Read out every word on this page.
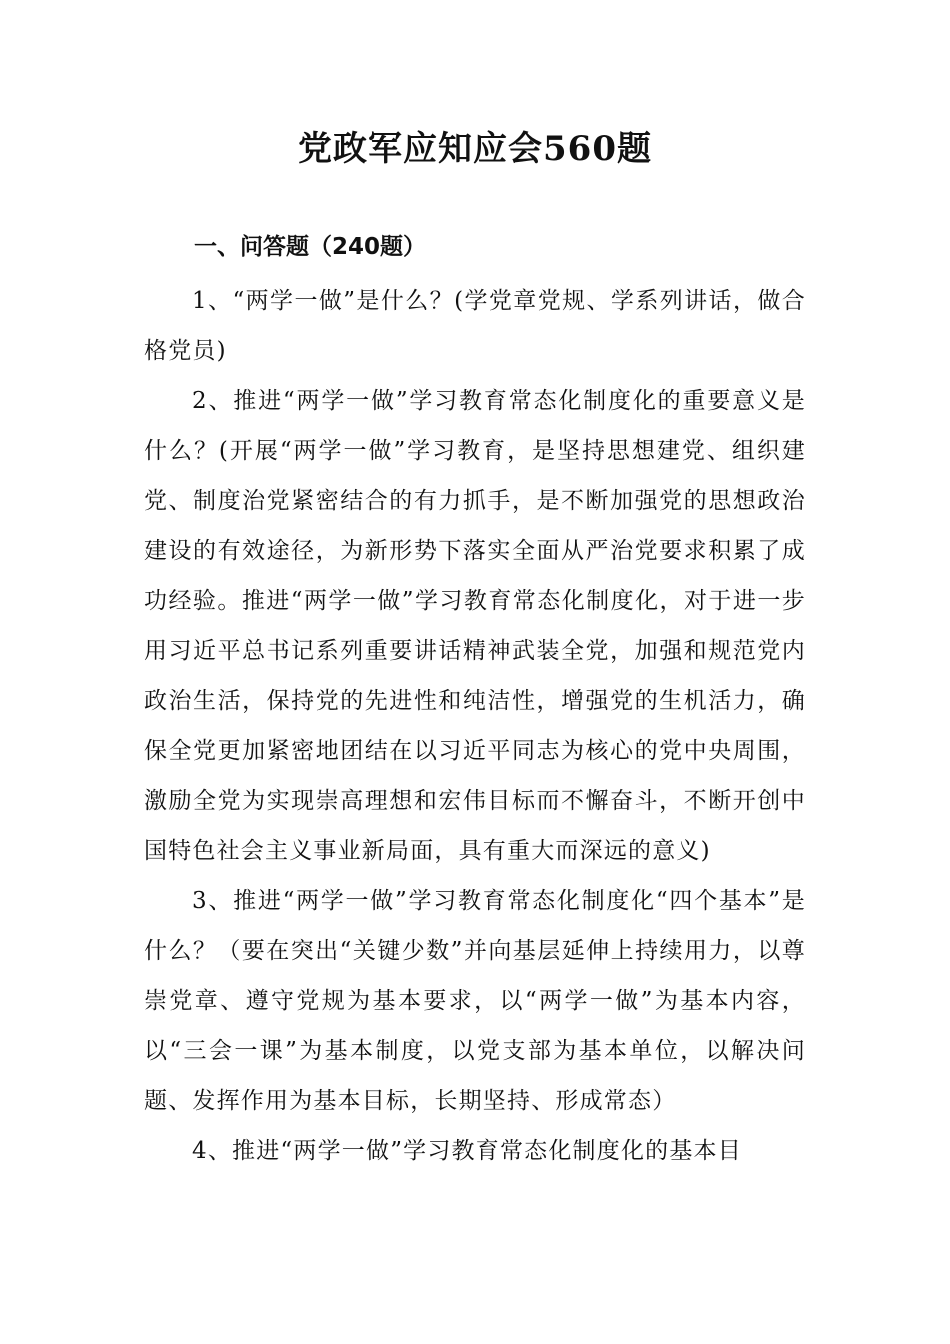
党政军应知应会560题
一、问答题（240题）

1、“两学一做”是什么？(学党章党规、学系列讲话，做合格党员)

2、推进“两学一做”学习教育常态化制度化的重要意义是什么？(开展“两学一做”学习教育，是坚持思想建党、组织建党、制度治党紧密结合的有力抓手，是不断加强党的思想政治建设的有效途径，为新形势下落实全面从严治党要求积累了成功经验。推进“两学一做”学习教育常态化制度化，对于进一步用习近平总书记系列重要讲话精神武装全党，加强和规范党内政治生活，保持党的先进性和纯洁性，增强党的生机活力，确保全党更加紧密地团结在以习近平同志为核心的党中央周围，激励全党为实现崇高理想和宏伟目标而不懈奋斗，不断开创中国特色社会主义事业新局面，具有重大而深远的意义)

3、推进“两学一做”学习教育常态化制度化“四个基本”是什么？（要在突出“关键少数”并向基层延伸上持续用力，以尊崇党章、遵守党规为基本要求，以“两学一做”为基本内容，以“三会一课”为基本制度，以党支部为基本单位，以解决问题、发挥作用为基本目标，长期坚持、形成常态）

4、推进“两学一做”学习教育常态化制度化的基本目
